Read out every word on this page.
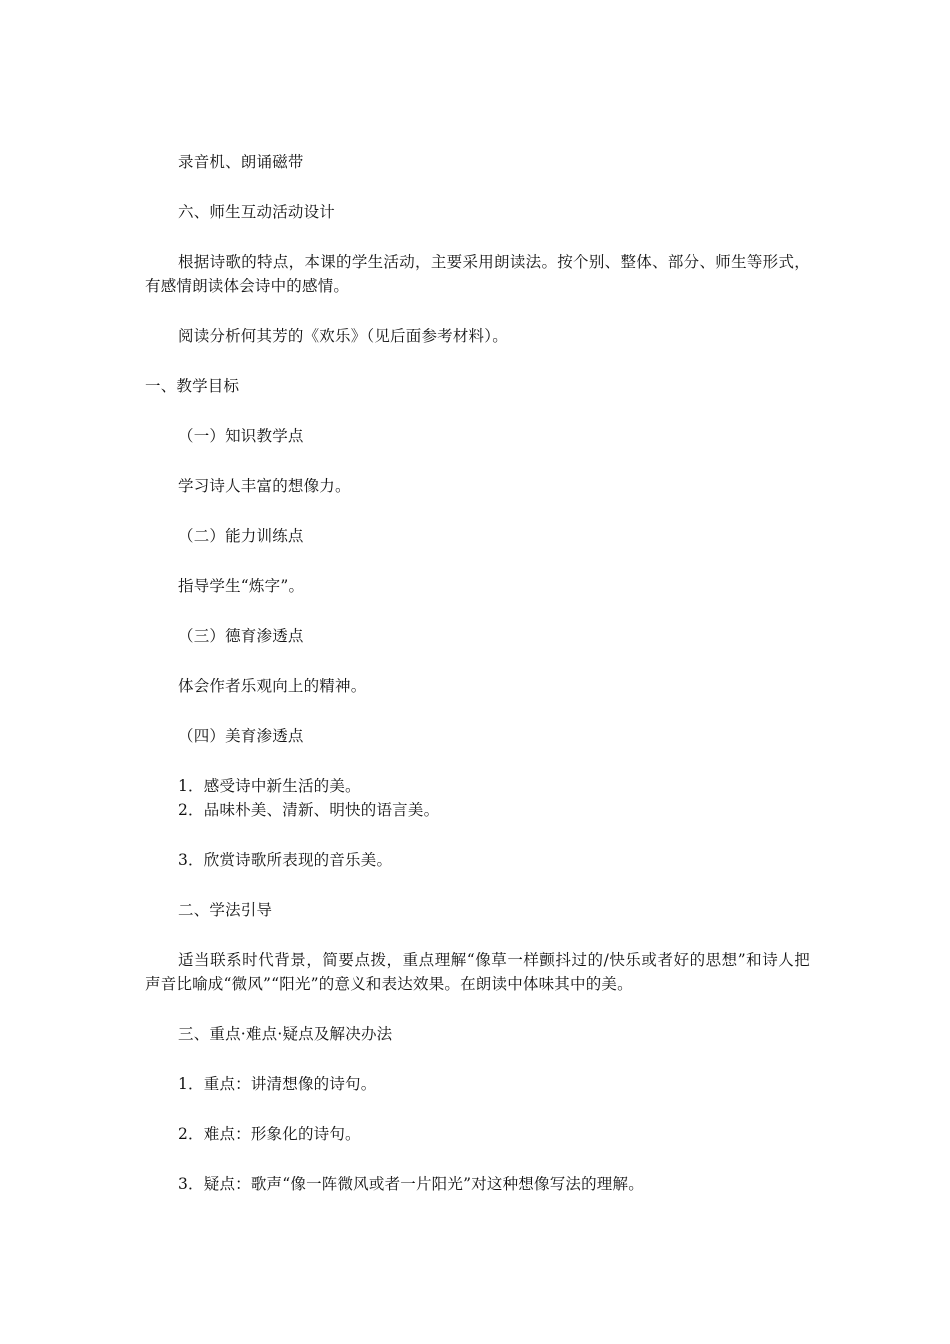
录音机、朗诵磁带
六、师生互动活动设计
根据诗歌的特点，本课的学生活动，主要采用朗读法。按个别、整体、部分、师生等形式，有感情朗读体会诗中的感情。
阅读分析何其芳的《欢乐》（见后面参考材料）。
一、教学目标
（一）知识教学点
学习诗人丰富的想像力。
（二）能力训练点
指导学生“炼字”。
（三）德育渗透点
体会作者乐观向上的精神。
（四）美育渗透点
1．感受诗中新生活的美。
2．品味朴美、清新、明快的语言美。
3．欣赏诗歌所表现的音乐美。
二、学法引导
适当联系时代背景，简要点拨，重点理解“像草一样颤抖过的/快乐或者好的思想”和诗人把声音比喻成“微风”“阳光”的意义和表达效果。在朗读中体味其中的美。
三、重点·难点·疑点及解决办法
1．重点：讲清想像的诗句。
2．难点：形象化的诗句。
3．疑点：歌声“像一阵微风或者一片阳光”对这种想像写法的理解。
